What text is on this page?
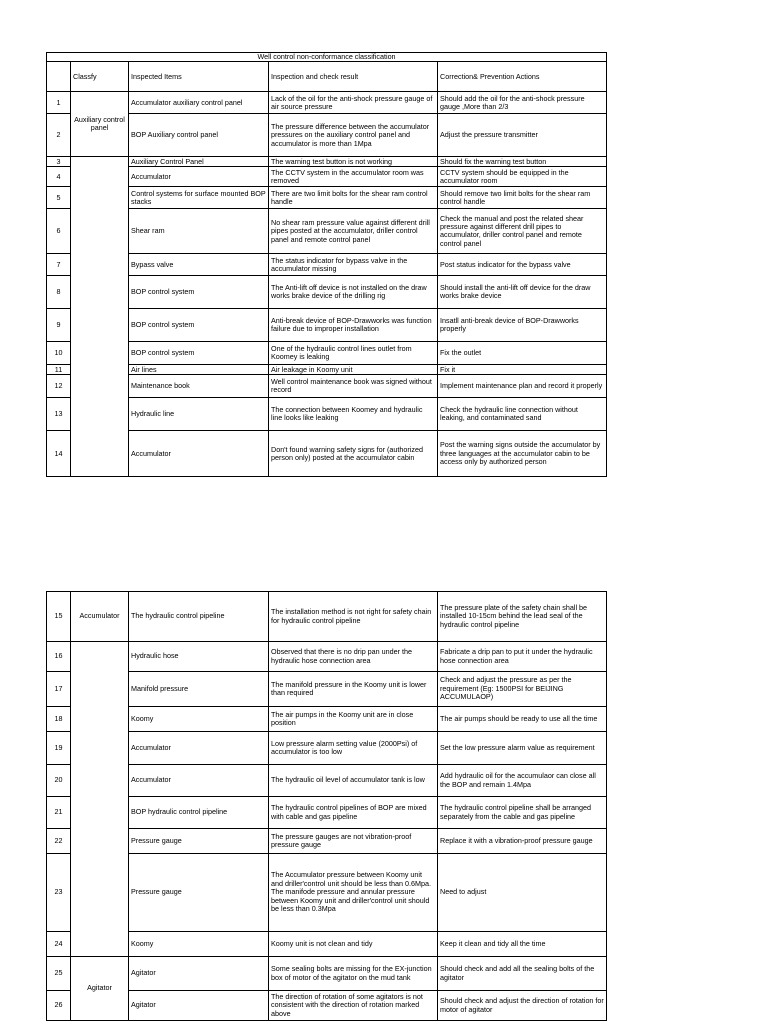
Well control non-conformance classification				
	Classfy	Inspected Items	Inspection and check result	Correction& Prevention Actions
1	Auxiliary control panel	Accumulator auxiliary control panel	Lack of the oil for the anti-shock pressure gauge of air source pressure	Should add the oil for the anti-shock pressure gauge ,More than 2/3
2		BOP Auxiliary control panel	The pressure difference between the accumulator pressures on the auxiliary control panel and accumulator is more than 1Mpa	Adjust the pressure transmitter
3		Auxiliary Control Panel	The warning test button is not working	Should fix the warning test button
4		Accumulator	The CCTV system in the accumulator room was removed	CCTV system should be equipped in the accumulator room
5		Control systems for surface mounted BOP stacks	There are two limit bolts for the shear ram control handle	Should remove two limit bolts for the shear ram control handle
6		Shear ram	No shear ram pressure value against different drill pipes posted at the accumulator, driller control panel and remote control panel	Check the manual and post the related shear pressure against different drill pipes to accumulator, driller control panel and remote control panel
7		Bypass valve	The status indicator for bypass valve in the accumulator missing	Post status indicator for the bypass valve
8		BOP control system	The Anti-lift off device is not installed on the draw works brake device of the drilling rig	Should install the anti-lift off device for the draw works brake device
9		BOP control system	Anti-break device of BOP-Drawworks was function failure due to improper installation	Insatll anti-break device of BOP-Drawworks properly
10		BOP control system	One of the hydraulic control lines outlet from Koomey is leaking	Fix the outlet
11		Air lines	Air leakage in Koomy unit	Fix it
12		Maintenance book	Well control maintenance book was signed without record	Implement maintenance plan and record it properly
13		Hydraulic line	The connection between Koomey and hydraulic line looks like leaking	Check the hydraulic line connection without leaking, and contaminated sand
14		Accumulator	Don't found warning safety signs for (authorized person only) posted at the accumulator cabin	Post the warning signs outside the accumulator by three languages at the accumulator cabin to be access only by authorized person
15	Accumulator	The hydraulic control pipeline	The installation method is not right for safety chain for hydraulic control pipeline	The pressure plate of the safety chain shall be installed 10-15cm behind the lead seal of the hydraulic control pipeline
16		Hydraulic hose	Observed that there is no drip pan under the hydraulic hose connection area	Fabricate a drip pan to put it under the hydraulic hose connection area
17		Manifold pressure	The manifold pressure in the Koomy unit is lower than required	Check and adjust the pressure as per the requirement (Eg: 1500PSI for BEIJING ACCUMULAOP)
18		Koomy	The air pumps in the Koomy unit are in close position	The air pumps should be ready to use all the time
19		Accumulator	Low pressure alarm setting value (2000Psi) of accumulator is too low	Set the low pressure alarm value as requirement
20		Accumulator	The hydraulic oil level of accumulator tank is low	Add hydraulic oil for the accumulaor can close all the BOP and remain 1.4Mpa
21		BOP hydraulic control pipeline	The hydraulic control pipelines of BOP are mixed with cable and gas pipeline	The hydraulic control pipeline shall be arranged separately from the cable and gas pipeline
22		Pressure gauge	The pressure gauges are not vibration-proof pressure gauge	Replace it with a vibration-proof pressure gauge
23		Pressure gauge	The Accumulator pressure between Koomy unit and driller'control unit should be less than 0.6Mpa. The manifode pressure and annular pressure between Koomy unit and driller'control unit should be less than 0.3Mpa	Need to adjust
24		Koomy	Koomy unit is not clean and tidy	Keep it clean and tidy all the time
25	Agitator	Agitator	Some sealing bolts are missing for the EX-junction box of motor of the agitator on the mud tank	Should check and add all the sealing bolts of the agitator
26		Agitator	The direction of rotation of some agitators is not consistent with the direction of rotation marked above	Should check and adjust the direction of rotation for motor of agitator
